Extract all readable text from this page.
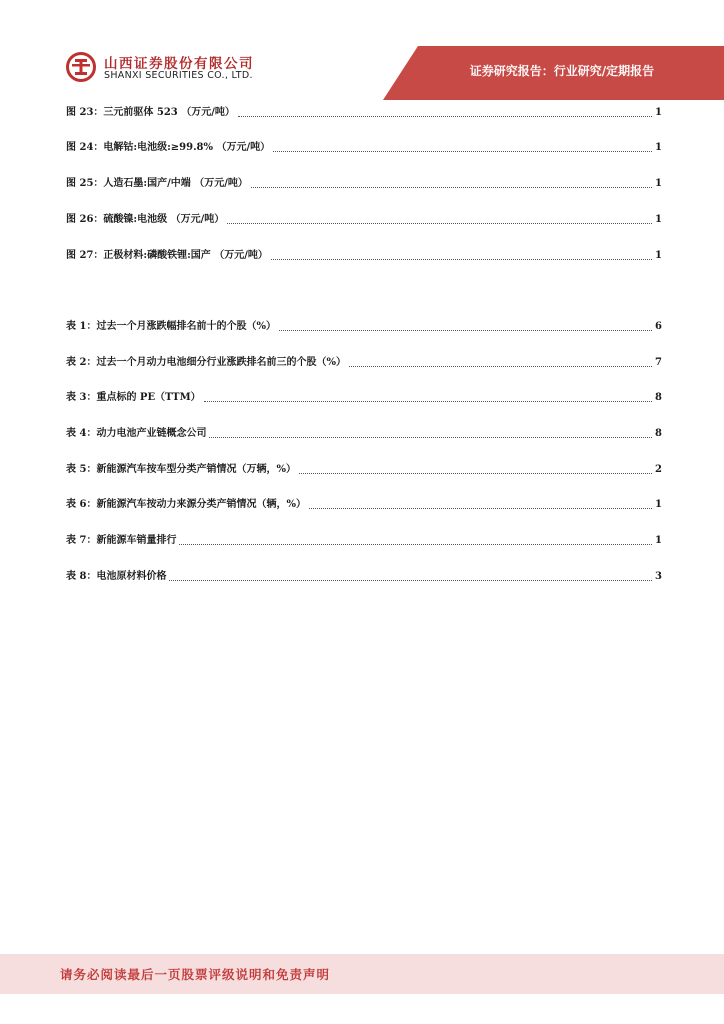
山西证券股份有限公司
SHANXI SECURITIES CO., LTD.	证券研究报告：行业研究/定期报告
图 23：三元前驱体 523 （万元/吨）	1
图 24：电解钴:电池级:≥99.8% （万元/吨）	1
图 25：人造石墨:国产/中端 （万元/吨）	1
图 26：硫酸镍:电池级 （万元/吨）	1
图 27：正极材料:磷酸铁锂:国产 （万元/吨）	1
表 1：过去一个月涨跌幅排名前十的个股（%）	6
表 2：过去一个月动力电池细分行业涨跌排名前三的个股（%）	7
表 3：重点标的 PE（TTM）	8
表 4：动力电池产业链概念公司	8
表 5：新能源汽车按车型分类产销情况（万辆，%）	2
表 6：新能源汽车按动力来源分类产销情况（辆，%）	1
表 7：新能源车销量排行	1
表 8：电池原材料价格	3
请务必阅读最后一页股票评级说明和免责声明
